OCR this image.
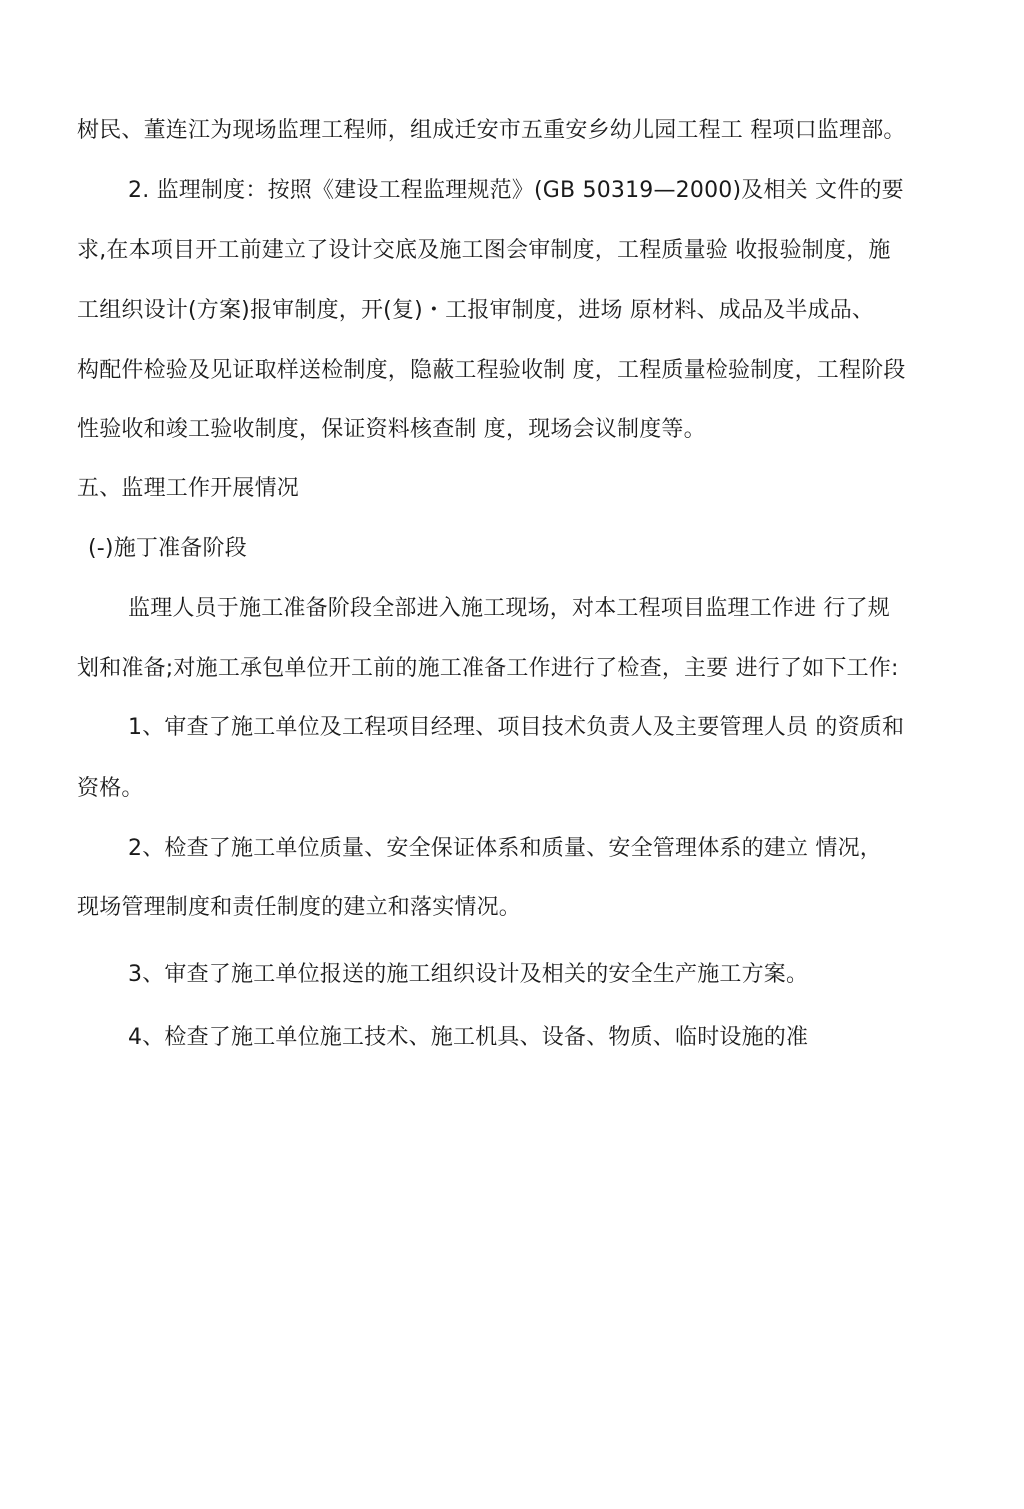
树民、董连江为现场监理工程师，组成迁安市五重安乡幼儿园工程工 程项口监理部。
2. 监理制度：按照《建设工程监理规范》(GB 50319—2000)及相关 文件的要
求,在本项目开工前建立了设计交底及施工图会审制度，工程质量验 收报验制度，施
工组织设计(方案)报审制度，开(复)・工报审制度，进场 原材料、成品及半成品、
构配件检验及见证取样送检制度，隐蔽工程验收制 度，工程质量检验制度，工程阶段
性验收和竣工验收制度，保证资料核查制 度，现场会议制度等。
五、监理工作开展情况
(-)施丁准备阶段
监理人员于施工准备阶段全部进入施工现场，对本工程项目监理工作进 行了规
划和准备;对施工承包单位开工前的施工准备工作进行了检查，主要 进行了如下工作:
1、审查了施工单位及工程项目经理、项目技术负责人及主要管理人员 的资质和
资格。
2、检查了施工单位质量、安全保证体系和质量、安全管理体系的建立 情况，
现场管理制度和责任制度的建立和落实情况。
3、审查了施工单位报送的施工组织设计及相关的安全生产施工方案。
4、检查了施工单位施工技术、施工机具、设备、物质、临时设施的准
